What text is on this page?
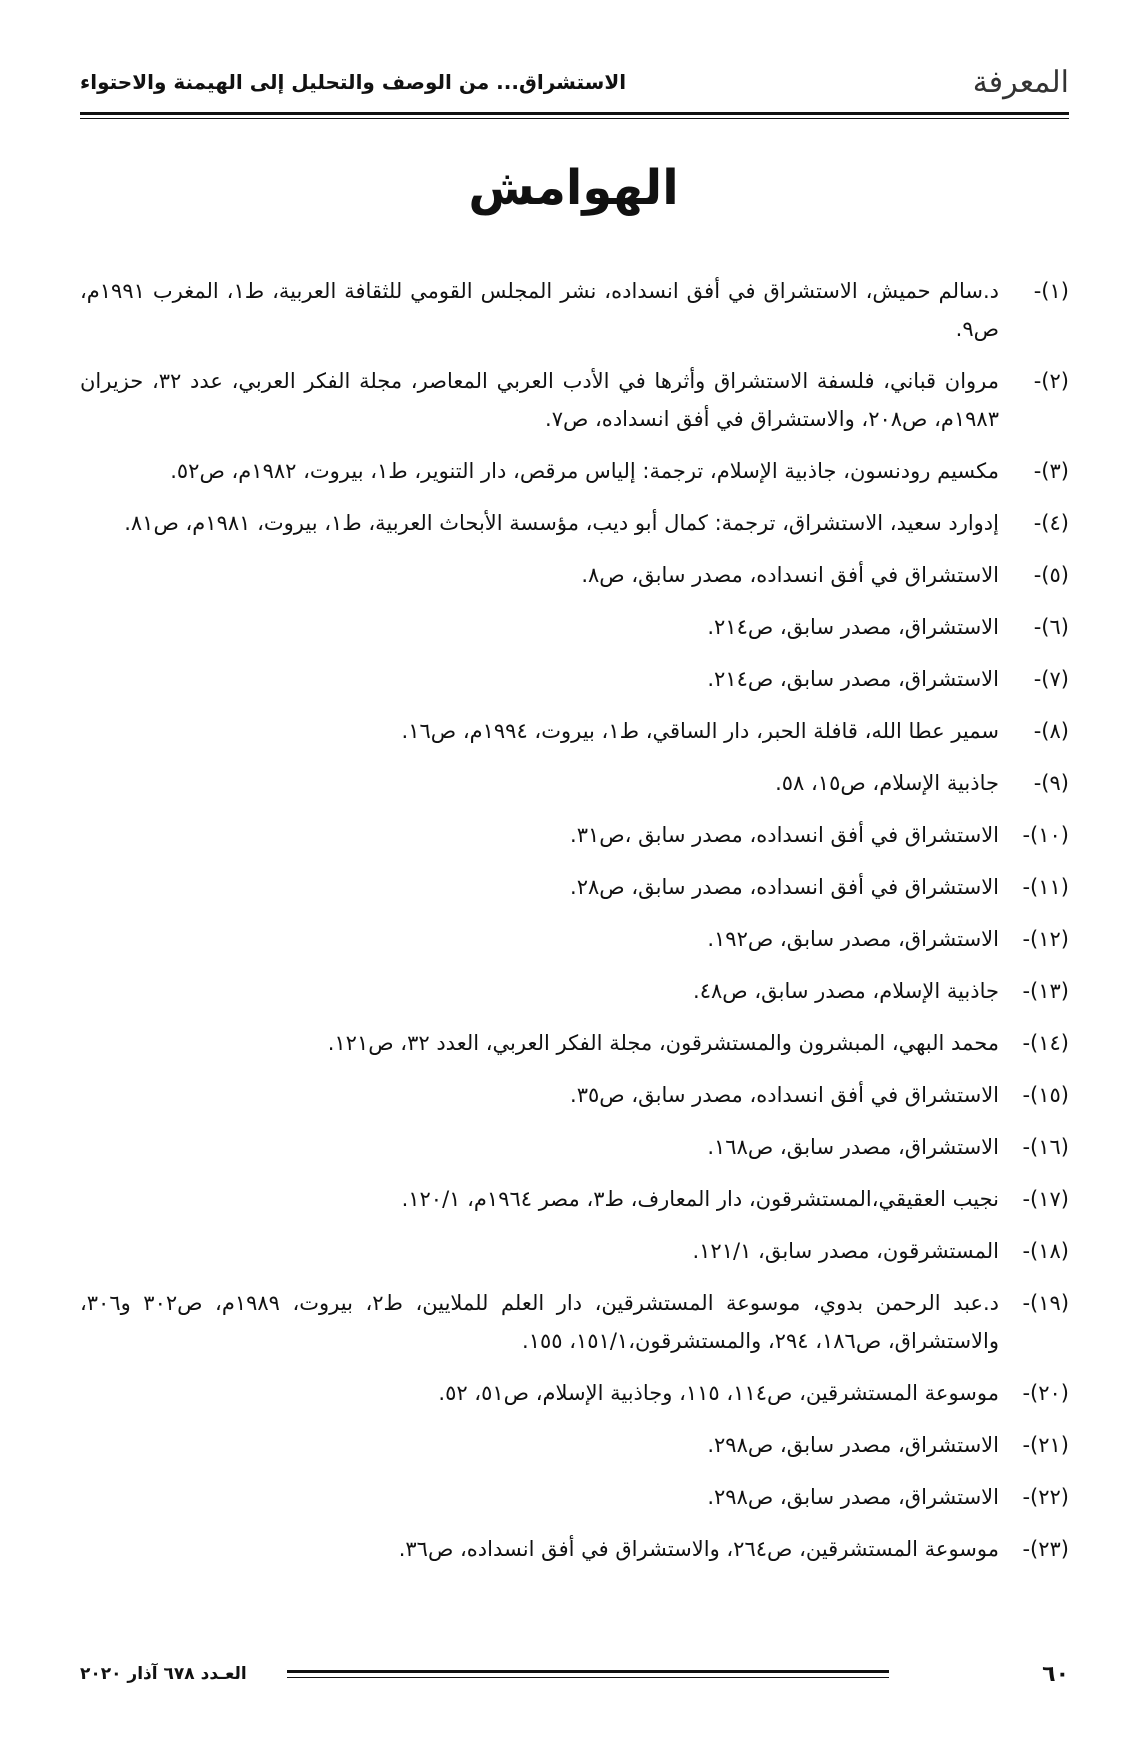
المعرفة
الاستشراق... من الوصف والتحليل إلى الهيمنة والاحتواء
الهوامش
(١)-د.سالم حميش، الاستشراق في أفق انسداده، نشر المجلس القومي للثقافة العربية، ط١، المغرب ١٩٩١م، ص٩.
(٢)-مروان قباني، فلسفة الاستشراق وأثرها في الأدب العربي المعاصر، مجلة الفكر العربي، عدد ٣٢، حزيران ١٩٨٣م، ص٢٠٨، والاستشراق في أفق انسداده، ص٧.
(٣)-مكسيم رودنسون، جاذبية الإسلام، ترجمة: إلياس مرقص، دار التنوير، ط١، بيروت، ١٩٨٢م، ص٥٢.
(٤)-إدوارد سعيد، الاستشراق، ترجمة: كمال أبو ديب، مؤسسة الأبحاث العربية، ط١، بيروت، ١٩٨١م، ص٨١.
(٥)-الاستشراق في أفق انسداده، مصدر سابق، ص٨.
(٦)-الاستشراق، مصدر سابق، ص٢١٤.
(٧)-الاستشراق، مصدر سابق، ص٢١٤.
(٨)-سمير عطا الله، قافلة الحبر، دار الساقي، ط١، بيروت، ١٩٩٤م، ص١٦.
(٩)-جاذبية الإسلام، ص١٥، ٥٨.
(١٠)-الاستشراق في أفق انسداده، مصدر سابق ،ص٣١.
(١١)-الاستشراق في أفق انسداده، مصدر سابق، ص٢٨.
(١٢)-الاستشراق، مصدر سابق، ص١٩٢.
(١٣)-جاذبية الإسلام، مصدر سابق، ص٤٨.
(١٤)-محمد البهي، المبشرون والمستشرقون، مجلة الفكر العربي، العدد ٣٢، ص١٢١.
(١٥)-الاستشراق في أفق انسداده، مصدر سابق، ص٣٥.
(١٦)-الاستشراق، مصدر سابق، ص١٦٨.
(١٧)-نجيب العقيقي،المستشرقون، دار المعارف، ط٣، مصر ١٩٦٤م، ١٢٠/١.
(١٨)-المستشرقون، مصدر سابق، ١٢١/١.
(١٩)-د.عبد الرحمن بدوي، موسوعة المستشرقين، دار العلم للملايين، ط٢، بيروت، ١٩٨٩م، ص٣٠٢ و٣٠٦، والاستشراق، ص١٨٦، ٢٩٤، والمستشرقون،١٥١/١، ١٥٥.
(٢٠)-موسوعة المستشرقين، ص١١٤، ١١٥، وجاذبية الإسلام، ص٥١، ٥٢.
(٢١)-الاستشراق، مصدر سابق، ص٢٩٨.
(٢٢)-الاستشراق، مصدر سابق، ص٢٩٨.
(٢٣)-موسوعة المستشرقين، ص٢٦٤، والاستشراق في أفق انسداده، ص٣٦.
٦٠
العـدد ٦٧٨ آذار ٢٠٢٠
